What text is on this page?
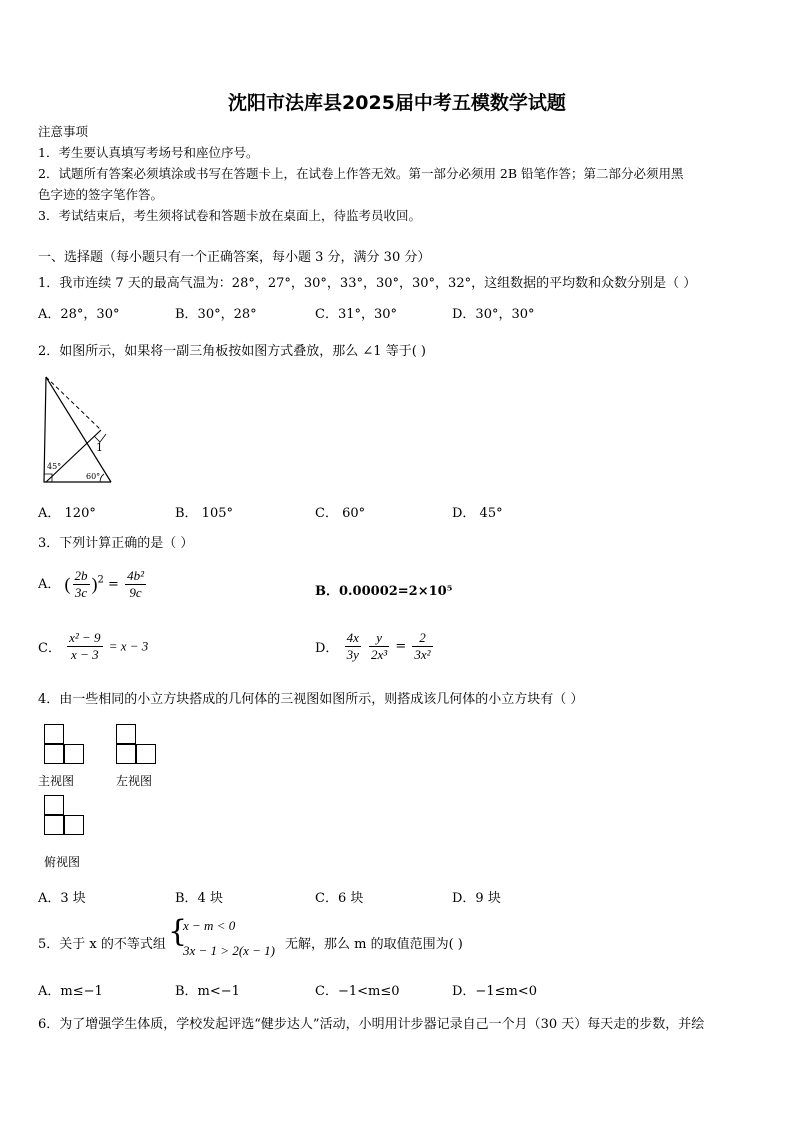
沈阳市法库县2025届中考五模数学试题
注意事项
1．考生要认真填写考场号和座位序号。
2．试题所有答案必须填涂或书写在答题卡上，在试卷上作答无效。第一部分必须用 2B 铅笔作答；第二部分必须用黑
色字迹的签字笔作答。
3．考试结束后，考生须将试卷和答题卡放在桌面上，待监考员收回。
一、选择题（每小题只有一个正确答案，每小题 3 分，满分 30 分）
1．我市连续 7 天的最高气温为：28°，27°，30°，33°，30°，30°，32°，这组数据的平均数和众数分别是（ ）
A．28°，30°	B．30°，28°	C．31°，30°	D．30°，30°
2．如图所示，如果将一副三角板按如图方式叠放，那么 ∠1 等于( )
1
45°
60°
A． 120°	B． 105°	C． 60°	D． 45°
3．下列计算正确的是（ ）
A． ( $\frac{2b}{3c} )^2 = \frac{\text{4b²}}{9c}$	B．0.00002=2×10⁵
C． $\frac{\text{x² − 9}}{x - 3} = x - 3$	D． $\frac{4x}{3y}$
$\frac{y}{\text{2x³}} = \frac{2}{\text{3x²}}$
4．由一些相同的小立方块搭成的几何体的三视图如图所示，则搭成该几何体的小立方块有（ ）
主视图	左视图
俯视图
A．3 块	B．4 块	C．6 块	D．9 块
5．关于 x 的不等式组 {
x − m < 0
3x − 1 > 2(x − 1) 无解，那么 m 的取值范围为( )
A．m≤−1	B．m<−1	C．−1<m≤0	D．−1≤m<0
6．为了增强学生体质，学校发起评选“健步达人”活动，小明用计步器记录自己一个月（30 天）每天走的步数，并绘
